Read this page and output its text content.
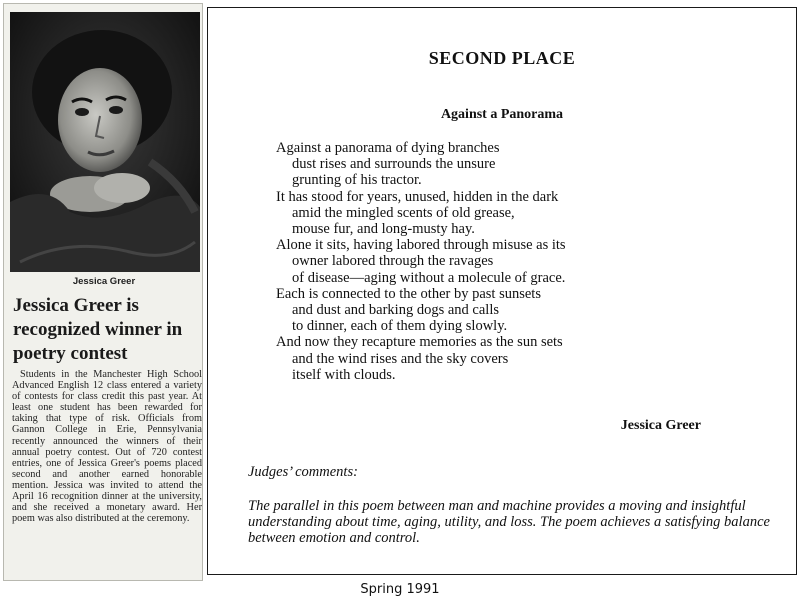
Jessica Greer
Jessica Greer is recognized winner in poetry contest

Students in the Manchester High School Advanced English 12 class entered a variety of contests for class credit this past year. At least one student has been rewarded for taking that type of risk. Officials from Gannon College in Erie, Pennsylvania recently announced the winners of their annual poetry contest. Out of 720 contest entries, one of Jessica Greer's poems placed second and another earned honorable mention. Jessica was invited to attend the April 16 recognition dinner at the university, and she received a monetary award. Her poem was also distributed at the ceremony.

SECOND PLACE
Against a Panorama
Against a panorama of dying branches
dust rises and surrounds the unsure
grunting of his tractor.
It has stood for years, unused, hidden in the dark
amid the mingled scents of old grease,
mouse fur, and long-musty hay.
Alone it sits, having labored through misuse as its
owner labored through the ravages
of disease—aging without a molecule of grace.
Each is connected to the other by past sunsets
and dust and barking dogs and calls
to dinner, each of them dying slowly.
And now they recapture memories as the sun sets
and the wind rises and the sky covers
itself with clouds.
Jessica Greer
Judges’ comments:

The parallel in this poem between man and machine provides a moving and insightful understanding about time, aging, utility, and loss. The poem achieves a satisfying balance between emotion and control.

Spring 1991
